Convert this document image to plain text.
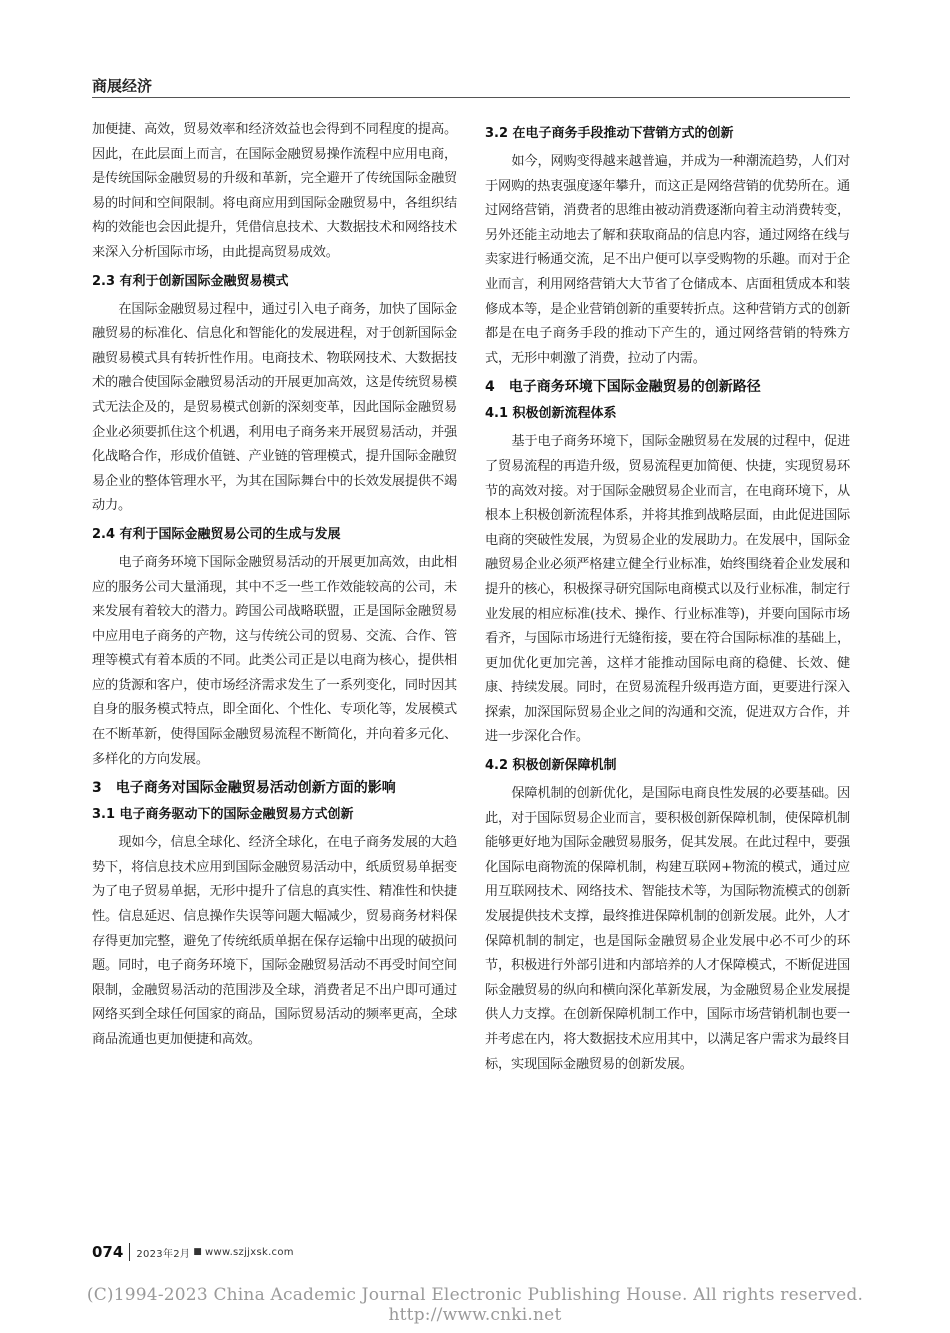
商展经济

加便捷、高效，贸易效率和经济效益也会得到不同程度的提高。因此，在此层面上而言，在国际金融贸易操作流程中应用电商，是传统国际金融贸易的升级和革新，完全避开了传统国际金融贸易的时间和空间限制。将电商应用到国际金融贸易中，各组织结构的效能也会因此提升，凭借信息技术、大数据技术和网络技术来深入分析国际市场，由此提高贸易成效。

2.3 有利于创新国际金融贸易模式

在国际金融贸易过程中，通过引入电子商务，加快了国际金融贸易的标准化、信息化和智能化的发展进程，对于创新国际金融贸易模式具有转折性作用。电商技术、物联网技术、大数据技术的融合使国际金融贸易活动的开展更加高效，这是传统贸易模式无法企及的，是贸易模式创新的深刻变革，因此国际金融贸易企业必须要抓住这个机遇，利用电子商务来开展贸易活动，并强化战略合作，形成价值链、产业链的管理模式，提升国际金融贸易企业的整体管理水平，为其在国际舞台中的长效发展提供不竭动力。

2.4 有利于国际金融贸易公司的生成与发展

电子商务环境下国际金融贸易活动的开展更加高效，由此相应的服务公司大量涌现，其中不乏一些工作效能较高的公司，未来发展有着较大的潜力。跨国公司战略联盟，正是国际金融贸易中应用电子商务的产物，这与传统公司的贸易、交流、合作、管理等模式有着本质的不同。此类公司正是以电商为核心，提供相应的货源和客户，使市场经济需求发生了一系列变化，同时因其自身的服务模式特点，即全面化、个性化、专项化等，发展模式在不断革新，使得国际金融贸易流程不断简化，并向着多元化、多样化的方向发展。

3　电子商务对国际金融贸易活动创新方面的影响
3.1 电子商务驱动下的国际金融贸易方式创新

现如今，信息全球化、经济全球化，在电子商务发展的大趋势下，将信息技术应用到国际金融贸易活动中，纸质贸易单据变为了电子贸易单据，无形中提升了信息的真实性、精准性和快捷性。信息延迟、信息操作失误等问题大幅减少，贸易商务材料保存得更加完整，避免了传统纸质单据在保存运输中出现的破损问题。同时，电子商务环境下，国际金融贸易活动不再受时间空间限制，金融贸易活动的范围涉及全球，消费者足不出户即可通过网络买到全球任何国家的商品，国际贸易活动的频率更高，全球商品流通也更加便捷和高效。

3.2 在电子商务手段推动下营销方式的创新

如今，网购变得越来越普遍，并成为一种潮流趋势，人们对于网购的热衷强度逐年攀升，而这正是网络营销的优势所在。通过网络营销，消费者的思维由被动消费逐渐向着主动消费转变，另外还能主动地去了解和获取商品的信息内容，通过网络在线与卖家进行畅通交流，足不出户便可以享受购物的乐趣。而对于企业而言，利用网络营销大大节省了仓储成本、店面租赁成本和装修成本等，是企业营销创新的重要转折点。这种营销方式的创新都是在电子商务手段的推动下产生的，通过网络营销的特殊方式，无形中刺激了消费，拉动了内需。

4　电子商务环境下国际金融贸易的创新路径
4.1 积极创新流程体系

基于电子商务环境下，国际金融贸易在发展的过程中，促进了贸易流程的再造升级，贸易流程更加简便、快捷，实现贸易环节的高效对接。对于国际金融贸易企业而言，在电商环境下，从根本上积极创新流程体系，并将其推到战略层面，由此促进国际电商的突破性发展，为贸易企业的发展助力。在发展中，国际金融贸易企业必须严格建立健全行业标准，始终围绕着企业发展和提升的核心，积极探寻研究国际电商模式以及行业标准，制定行业发展的相应标准(技术、操作、行业标准等)，并要向国际市场看齐，与国际市场进行无缝衔接，要在符合国际标准的基础上，更加优化更加完善，这样才能推动国际电商的稳健、长效、健康、持续发展。同时，在贸易流程升级再造方面，更要进行深入探索，加深国际贸易企业之间的沟通和交流，促进双方合作，并进一步深化合作。

4.2 积极创新保障机制

保障机制的创新优化，是国际电商良性发展的必要基础。因此，对于国际贸易企业而言，要积极创新保障机制，使保障机制能够更好地为国际金融贸易服务，促其发展。在此过程中，要强化国际电商物流的保障机制，构建互联网+物流的模式，通过应用互联网技术、网络技术、智能技术等，为国际物流模式的创新发展提供技术支撑，最终推进保障机制的创新发展。此外，人才保障机制的制定，也是国际金融贸易企业发展中必不可少的环节，积极进行外部引进和内部培养的人才保障模式，不断促进国际金融贸易的纵向和横向深化革新发展，为金融贸易企业发展提供人力支撑。在创新保障机制工作中，国际市场营销机制也要一并考虑在内，将大数据技术应用其中，以满足客户需求为最终目标，实现国际金融贸易的创新发展。

074 2023年2月 ■ www.szjjxsk.com
(C)1994-2023 China Academic Journal Electronic Publishing House. All rights reserved. http://www.cnki.net
